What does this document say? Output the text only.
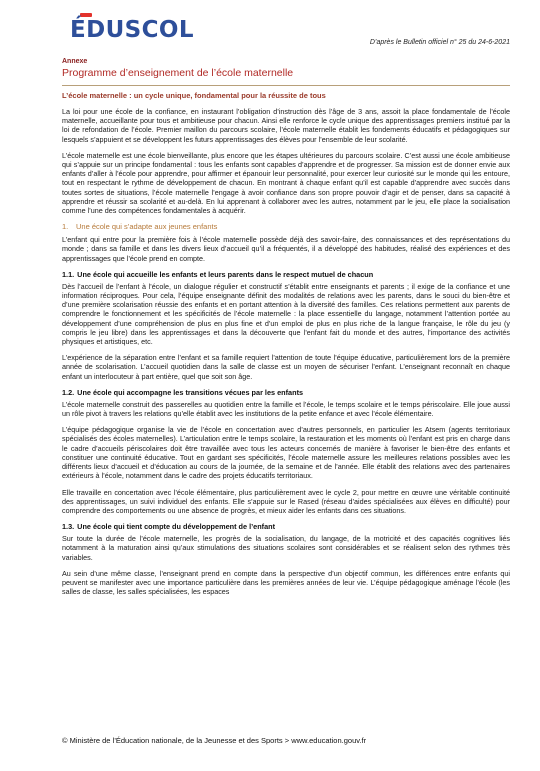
ÉDUSCOL	D’après le Bulletin officiel n° 25 du 24-6-2021
Annexe
Programme d’enseignement de l’école maternelle
L’école maternelle : un cycle unique, fondamental pour la réussite de tous

La loi pour une école de la confiance, en instaurant l’obligation d’instruction dès l’âge de 3 ans, assoit la place fondamentale de l’école maternelle, accueillante pour tous et ambitieuse pour chacun. Ainsi elle renforce le cycle unique des apprentissages premiers institué par la loi de refondation de l’école. Premier maillon du parcours scolaire, l’école maternelle établit les fondements éducatifs et pédagogiques sur lesquels s’appuient et se développent les futurs apprentissages des élèves pour l’ensemble de leur scolarité.

L’école maternelle est une école bienveillante, plus encore que les étapes ultérieures du parcours scolaire. C’est aussi une école ambitieuse qui s’appuie sur un principe fondamental : tous les enfants sont capables d’apprendre et de progresser. Sa mission est de donner envie aux enfants d’aller à l’école pour apprendre, pour affirmer et épanouir leur personnalité, pour exercer leur curiosité sur le monde qui les entoure, tout en respectant le rythme de développement de chacun. En montrant à chaque enfant qu’il est capable d’apprendre avec succès dans toutes sortes de situations, l’école maternelle l’engage à avoir confiance dans son propre pouvoir d’agir et de penser, dans sa capacité à apprendre et réussir sa scolarité et au-delà. En lui apprenant à collaborer avec les autres, notamment par le jeu, elle place la socialisation comme l’une des compétences fondamentales à acquérir.

1. Une école qui s’adapte aux jeunes enfants

L’enfant qui entre pour la première fois à l’école maternelle possède déjà des savoir-faire, des connaissances et des représentations du monde ; dans sa famille et dans les divers lieux d’accueil qu’il a fréquentés, il a développé des habitudes, réalisé des expériences et des apprentissages que l’école prend en compte.

1.1. Une école qui accueille les enfants et leurs parents dans le respect mutuel de chacun

Dès l’accueil de l’enfant à l’école, un dialogue régulier et constructif s’établit entre enseignants et parents ; il exige de la confiance et une information réciproques. Pour cela, l’équipe enseignante définit des modalités de relations avec les parents, dans le souci du bien-être et d’une première scolarisation réussie des enfants et en portant attention à la diversité des familles. Ces relations permettent aux parents de comprendre le fonctionnement et les spécificités de l’école maternelle : la place essentielle du langage, notamment l’attention portée au développement d’une compréhension de plus en plus fine et d’un emploi de plus en plus riche de la langue française, le rôle du jeu (y compris le jeu libre) dans les apprentissages et dans la découverte que l’enfant fait du monde et des autres, l’importance des activités physiques et artistiques, etc.

L’expérience de la séparation entre l’enfant et sa famille requiert l’attention de toute l’équipe éducative, particulièrement lors de la première année de scolarisation. L’accueil quotidien dans la salle de classe est un moyen de sécuriser l’enfant. L’enseignant reconnaît en chaque enfant un interlocuteur à part entière, quel que soit son âge.

1.2. Une école qui accompagne les transitions vécues par les enfants

L’école maternelle construit des passerelles au quotidien entre la famille et l’école, le temps scolaire et le temps périscolaire. Elle joue aussi un rôle pivot à travers les relations qu’elle établit avec les institutions de la petite enfance et avec l’école élémentaire.

L’équipe pédagogique organise la vie de l’école en concertation avec d’autres personnels, en particulier les Atsem (agents territoriaux spécialisés des écoles maternelles). L’articulation entre le temps scolaire, la restauration et les moments où l’enfant est pris en charge dans le cadre d’accueils périscolaires doit être travaillée avec tous les acteurs concernés de manière à favoriser le bien-être des enfants et constituer une continuité éducative. Tout en gardant ses spécificités, l’école maternelle assure les meilleures relations possibles avec les différents lieux d’accueil et d’éducation au cours de la journée, de la semaine et de l’année. Elle établit des relations avec des partenaires extérieurs à l’école, notamment dans le cadre des projets éducatifs territoriaux.

Elle travaille en concertation avec l’école élémentaire, plus particulièrement avec le cycle 2, pour mettre en œuvre une véritable continuité des apprentissages, un suivi individuel des enfants. Elle s’appuie sur le Rased (réseau d’aides spécialisées aux élèves en difficulté) pour comprendre des comportements ou une absence de progrès, et mieux aider les enfants dans ces situations.

1.3. Une école qui tient compte du développement de l’enfant

Sur toute la durée de l’école maternelle, les progrès de la socialisation, du langage, de la motricité et des capacités cognitives liés notamment à la maturation ainsi qu’aux stimulations des situations scolaires sont considérables et se réalisent selon des rythmes très variables.

Au sein d’une même classe, l’enseignant prend en compte dans la perspective d’un objectif commun, les différences entre enfants qui peuvent se manifester avec une importance particulière dans les premières années de leur vie. L’équipe pédagogique aménage l’école (les salles de classe, les salles spécialisées, les espaces

© Ministère de l’Éducation nationale, de la Jeunesse et des Sports > www.education.gouv.fr
